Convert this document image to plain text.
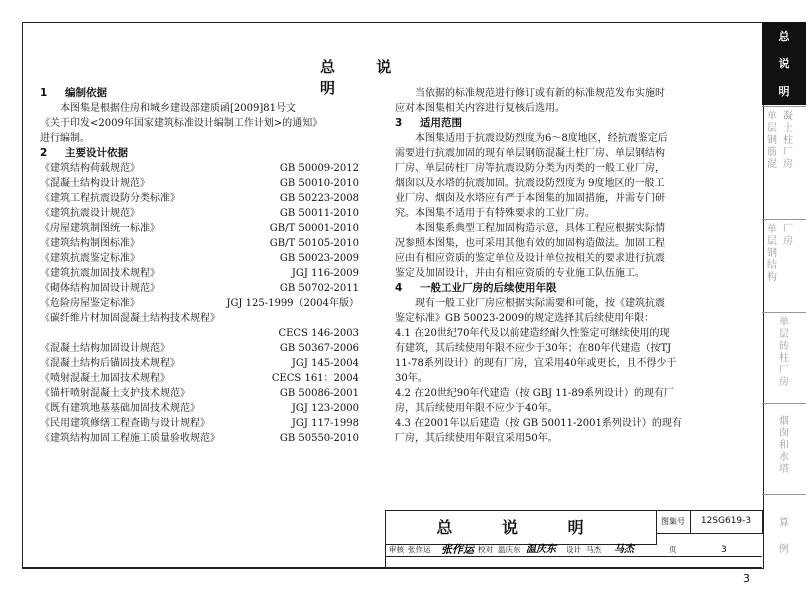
总 说 明
1 编制依据
本图集是根据住房和城乡建设部建质函[2009]81号文
《关于印发<2009年国家建筑标准设计编制工作计划>的通知》
进行编制。
2 主要设计依据
《建筑结构荷载规范》	GB 50009-2012
《混凝土结构设计规范》	GB 50010-2010
《建筑工程抗震设防分类标准》	GB 50223-2008
《建筑抗震设计规范》	GB 50011-2010
《房屋建筑制图统一标准》	GB/T 50001-2010
《建筑结构制图标准》	GB/T 50105-2010
《建筑抗震鉴定标准》	GB 50023-2009
《建筑抗震加固技术规程》	JGJ 116-2009
《砌体结构加固设计规范》	GB 50702-2011
《危险房屋鉴定标准》	JGJ 125-1999（2004年版）
《碳纤维片材加固混凝土结构技术规程》
CECS 146-2003
《混凝土结构加固设计规范》	GB 50367-2006
《混凝土结构后锚固技术规程》	JGJ 145-2004
《喷射混凝土加固技术规程》	CECS 161：2004
《锚杆喷射混凝土支护技术规范》	GB 50086-2001
《既有建筑地基基础加固技术规范》	JGJ 123-2000
《民用建筑修缮工程查勘与设计规程》	JGJ 117-1998
《建筑结构加固工程施工质量验收规范》	GB 50550-2010
当依据的标准规范进行修订或有新的标准规范发布实施时
应对本图集相关内容进行复核后选用。
3 适用范围
本图集适用于抗震设防烈度为6～8度地区，经抗震鉴定后
需要进行抗震加固的现有单层钢筋混凝土柱厂房、单层钢结构
厂房、单层砖柱厂房等抗震设防分类为丙类的一般工业厂房，
烟囱以及水塔的抗震加固。抗震设防烈度为 9度地区的一般工
业厂房、烟囱及水塔应有严于本图集的加固措施，并需专门研
究。本图集不适用于有特殊要求的工业厂房。
本图集系典型工程加固构造示意，具体工程应根据实际情
况参照本图集，也可采用其他有效的加固构造做法。加固工程
应由有相应资质的鉴定单位及设计单位按相关的要求进行抗震
鉴定及加固设计，并由有相应资质的专业施工队伍施工。
4 一般工业厂房的后续使用年限
现有一般工业厂房应根据实际需要和可能，按《建筑抗震
鉴定标准》GB 50023-2009的规定选择其后续使用年限：
4.1 在20世纪70年代及以前建造经耐久性鉴定可继续使用的现
有建筑，其后续使用年限不应少于30年；在80年代建造（按TJ
11-78系列设计）的现有厂房，宜采用40年或更长，且不得少于
30年。
4.2 在20世纪90年代建造（按 GBJ 11-89系列设计）的现有厂
房，其后续使用年限不应少于40年。
4.3 在2001年以后建造（按 GB 50011-2001系列设计）的现有
厂房，其后续使用年限宜采用50年。
总
说
明
单层钢筋混
凝土柱厂房
单层钢结构
厂房
单层砖柱厂房
烟囱和水塔
算例
总 说 明	图集号	12SG619-3
审核 张作运 张作运 校对 温庆东 温庆东 设计 马杰 马杰	页	3
3
